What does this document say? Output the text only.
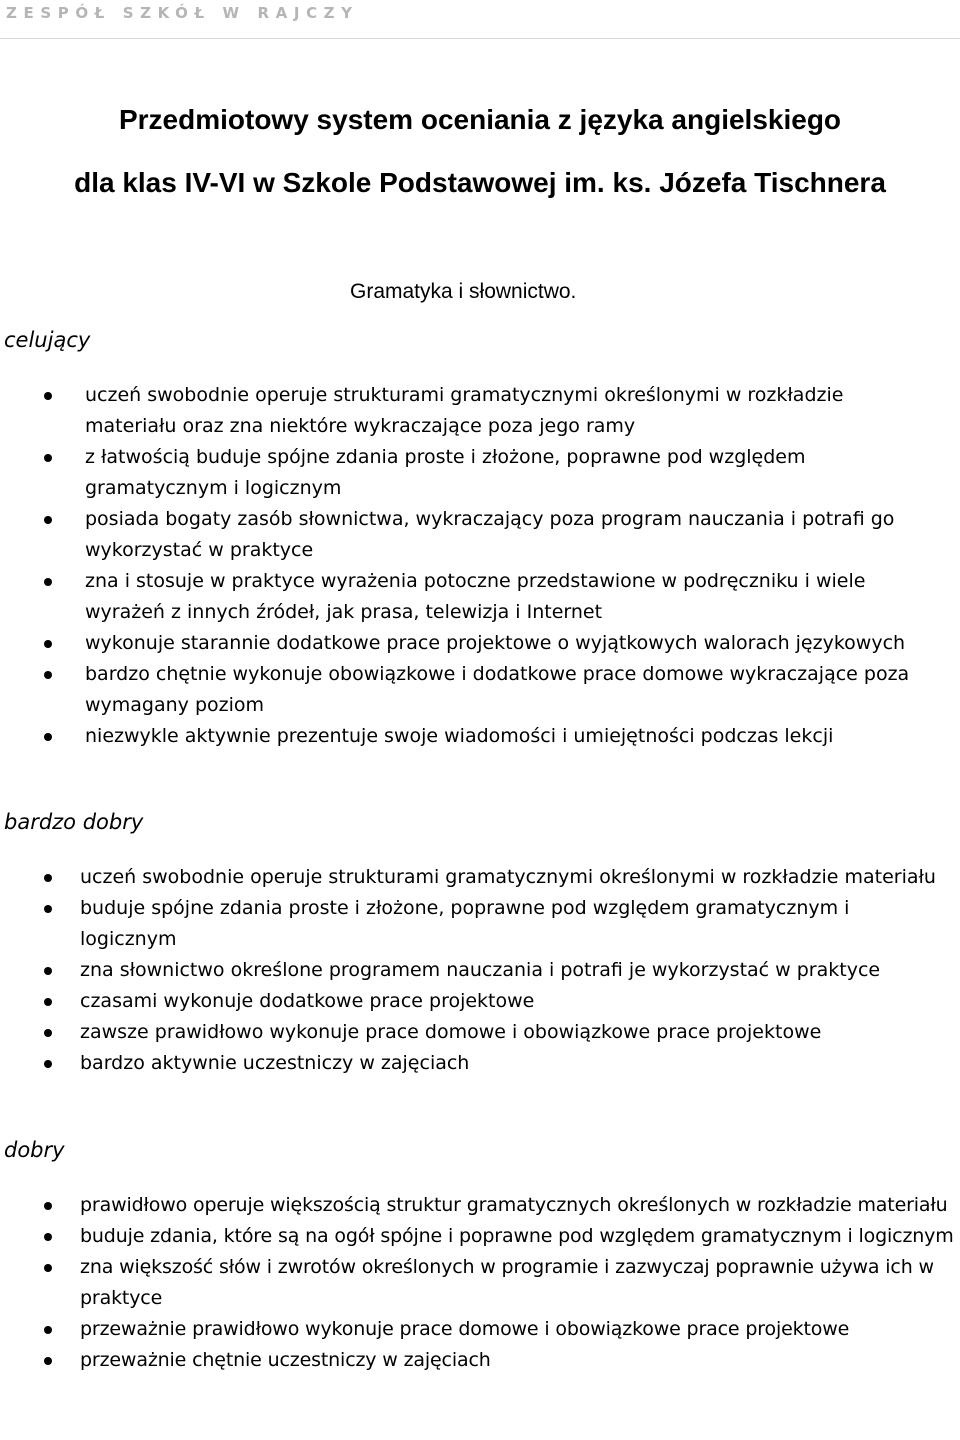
ZESPÓŁ SZKÓŁ W RAJCZY
Przedmiotowy system oceniania z języka angielskiego
dla klas IV-VI w Szkole Podstawowej im. ks. Józefa Tischnera
Gramatyka i słownictwo.
celujący
uczeń swobodnie operuje strukturami gramatycznymi określonymi w rozkładzie materiału oraz zna niektóre wykraczające poza jego ramy
z łatwością buduje spójne zdania proste i złożone, poprawne pod względem gramatycznym i logicznym
posiada bogaty zasób słownictwa, wykraczający poza program nauczania i potrafi go wykorzystać w praktyce
zna i stosuje w praktyce wyrażenia potoczne przedstawione w podręczniku i wiele wyrażeń z innych źródeł, jak prasa, telewizja i Internet
wykonuje starannie dodatkowe prace projektowe o wyjątkowych walorach językowych
bardzo chętnie wykonuje obowiązkowe i dodatkowe prace domowe wykraczające poza wymagany poziom
niezwykle aktywnie prezentuje swoje wiadomości i umiejętności podczas lekcji
bardzo dobry
uczeń swobodnie operuje strukturami gramatycznymi określonymi w rozkładzie materiału
buduje spójne zdania proste i złożone, poprawne pod względem gramatycznym i logicznym
zna słownictwo określone programem nauczania i potrafi je wykorzystać w praktyce
czasami wykonuje dodatkowe prace projektowe
zawsze prawidłowo wykonuje prace domowe i obowiązkowe prace projektowe
bardzo aktywnie uczestniczy w zajęciach
dobry
prawidłowo operuje większością struktur gramatycznych określonych w rozkładzie materiału
buduje zdania, które są na ogół spójne i poprawne pod względem gramatycznym i logicznym
zna większość słów i zwrotów określonych w programie i zazwyczaj poprawnie używa ich w praktyce
przeważnie prawidłowo wykonuje prace domowe i obowiązkowe prace projektowe
przeważnie chętnie uczestniczy w zajęciach
